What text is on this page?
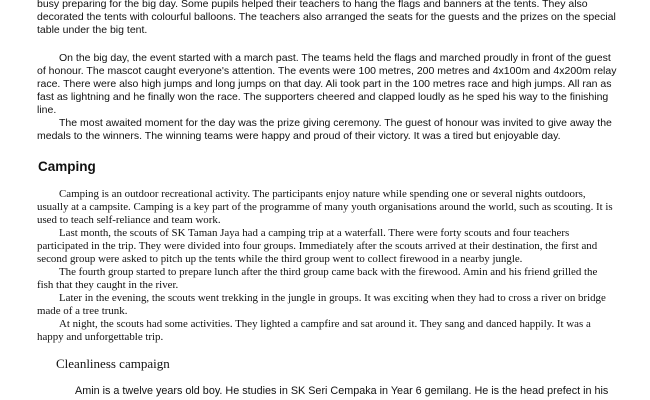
busy preparing for the big day. Some pupils helped their teachers to hang the flags and banners at the tents. They also decorated the tents with colourful balloons. The teachers also arranged the seats for the guests and the prizes on the special table under the big tent.

On the big day, the event started with a march past. The teams held the flags and marched proudly in front of the guest of honour. The mascot caught everyone's attention. The events were 100 metres, 200 metres and 4x100m and 4x200m relay race. There were also high jumps and long jumps on that day. Ali took part in the 100 metres race and high jumps. All ran as fast as lightning and he finally won the race. The supporters cheered and clapped loudly as he sped his way to the finishing line.

The most awaited moment for the day was the prize giving ceremony. The guest of honour was invited to give away the medals to the winners. The winning teams were happy and proud of their victory. It was a tired but enjoyable day.

Camping

Camping is an outdoor recreational activity. The participants enjoy nature while spending one or several nights outdoors, usually at a campsite. Camping is a key part of the programme of many youth organisations around the world, such as scouting. It is used to teach self-reliance and team work.

Last month, the scouts of SK Taman Jaya had a camping trip at a waterfall. There were forty scouts and four teachers participated in the trip. They were divided into four groups. Immediately after the scouts arrived at their destination, the first and second group were asked to pitch up the tents while the third group went to collect firewood in a nearby jungle.

The fourth group started to prepare lunch after the third group came back with the firewood. Amin and his friend grilled the fish that they caught in the river.

Later in the evening, the scouts went trekking in the jungle in groups. It was exciting when they had to cross a river on bridge made of a tree trunk.

At night, the scouts had some activities. They lighted a campfire and sat around it. They sang and danced happily. It was a happy and unforgettable trip.

Cleanliness campaign

Amin is a twelve years old boy. He studies in SK Seri Cempaka in Year 6 gemilang. He is the head prefect in his
